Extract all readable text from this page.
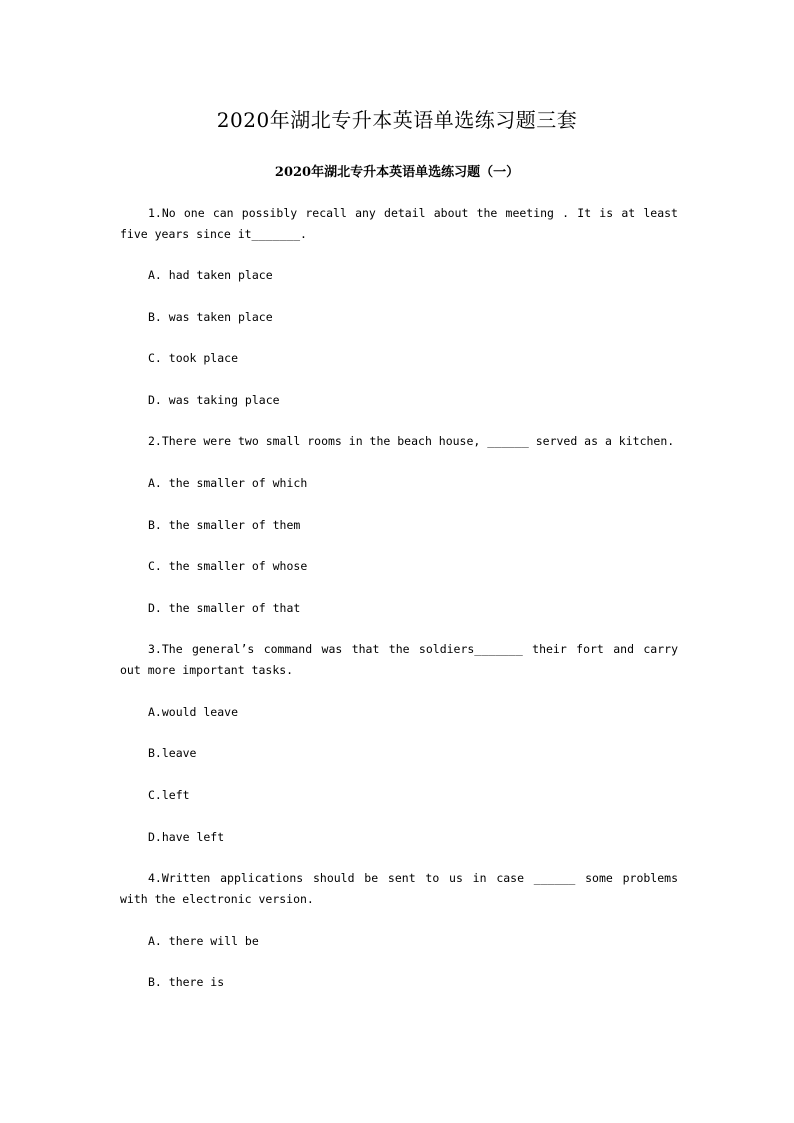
2020年湖北专升本英语单选练习题三套
2020年湖北专升本英语单选练习题（一）
1.No one can possibly recall any detail about the meeting . It is at least five years since it_______.
A. had taken place
B. was taken place
C. took place
D. was taking place
2.There were two small rooms in the beach house, ______ served as a kitchen.
A. the smaller of which
B. the smaller of them
C. the smaller of whose
D. the smaller of that
3.The general’s command was that the soldiers_______ their fort and carry out more important tasks.
A.would leave
B.leave
C.left
D.have left
4.Written applications should be sent to us in case ______ some problems with the electronic version.
A. there will be
B. there is
